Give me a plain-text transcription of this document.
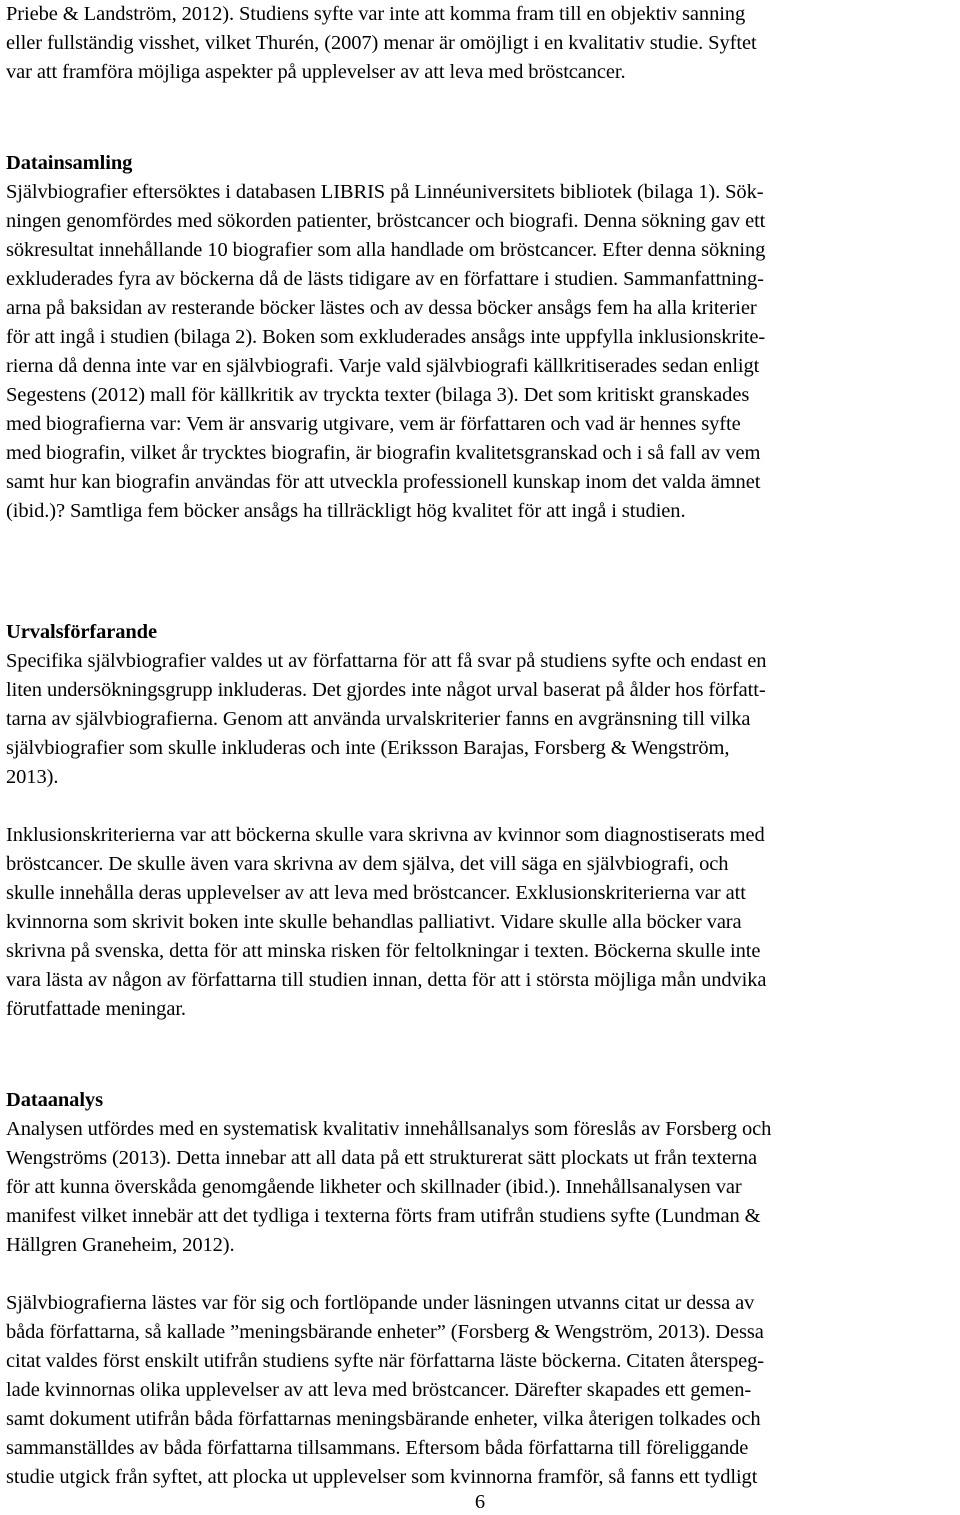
Priebe & Landström, 2012). Studiens syfte var inte att komma fram till en objektiv sanning
eller fullständig visshet, vilket Thurén, (2007) menar är omöjligt i en kvalitativ studie. Syftet
var att framföra möjliga aspekter på upplevelser av att leva med bröstcancer.
Datainsamling
Självbiografier eftersöktes i databasen LIBRIS på Linnéuniversitets bibliotek (bilaga 1). Sök-
ningen genomfördes med sökorden patienter, bröstcancer och biografi. Denna sökning gav ett
sökresultat innehållande 10 biografier som alla handlade om bröstcancer. Efter denna sökning
exkluderades fyra av böckerna då de lästs tidigare av en författare i studien. Sammanfattning-
arna på baksidan av resterande böcker lästes och av dessa böcker ansågs fem ha alla kriterier
för att ingå i studien (bilaga 2). Boken som exkluderades ansågs inte uppfylla inklusionskrite-
rierna då denna inte var en självbiografi. Varje vald självbiografi källkritiserades sedan enligt
Segestens (2012) mall för källkritik av tryckta texter (bilaga 3). Det som kritiskt granskades
med biografierna var: Vem är ansvarig utgivare, vem är författaren och vad är hennes syfte
med biografin, vilket år trycktes biografin, är biografin kvalitetsgranskad och i så fall av vem
samt hur kan biografin användas för att utveckla professionell kunskap inom det valda ämnet
(ibid.)? Samtliga fem böcker ansågs ha tillräckligt hög kvalitet för att ingå i studien.
Urvalsförfarande
Specifika självbiografier valdes ut av författarna för att få svar på studiens syfte och endast en
liten undersökningsgrupp inkluderas. Det gjordes inte något urval baserat på ålder hos författ-
tarna av självbiografierna. Genom att använda urvalskriterier fanns en avgränsning till vilka
självbiografier som skulle inkluderas och inte (Eriksson Barajas, Forsberg & Wengström,
2013).
Inklusionskriterierna var att böckerna skulle vara skrivna av kvinnor som diagnostiserats med
bröstcancer. De skulle även vara skrivna av dem själva, det vill säga en självbiografi, och
skulle innehålla deras upplevelser av att leva med bröstcancer. Exklusionskriterierna var att
kvinnorna som skrivit boken inte skulle behandlas palliativt. Vidare skulle alla böcker vara
skrivna på svenska, detta för att minska risken för feltolkningar i texten. Böckerna skulle inte
vara lästa av någon av författarna till studien innan, detta för att i största möjliga mån undvika
förutfattade meningar.
Dataanalys
Analysen utfördes med en systematisk kvalitativ innehållsanalys som föreslås av Forsberg och
Wengströms (2013). Detta innebar att all data på ett strukturerat sätt plockats ut från texterna
för att kunna överskåda genomgående likheter och skillnader (ibid.). Innehållsanalysen var
manifest vilket innebär att det tydliga i texterna förts fram utifrån studiens syfte (Lundman &
Hällgren Graneheim, 2012).
Självbiografierna lästes var för sig och fortlöpande under läsningen utvanns citat ur dessa av
båda författarna, så kallade ”meningsbärande enheter” (Forsberg & Wengström, 2013). Dessa
citat valdes först enskilt utifrån studiens syfte när författarna läste böckerna. Citaten återspeg-
lade kvinnornas olika upplevelser av att leva med bröstcancer. Därefter skapades ett gemen-
samt dokument utifrån båda författarnas meningsbärande enheter, vilka återigen tolkades och
sammanställdes av båda författarna tillsammans. Eftersom båda författarna till föreliggande
studie utgick från syftet, att plocka ut upplevelser som kvinnorna framför, så fanns ett tydligt
6
